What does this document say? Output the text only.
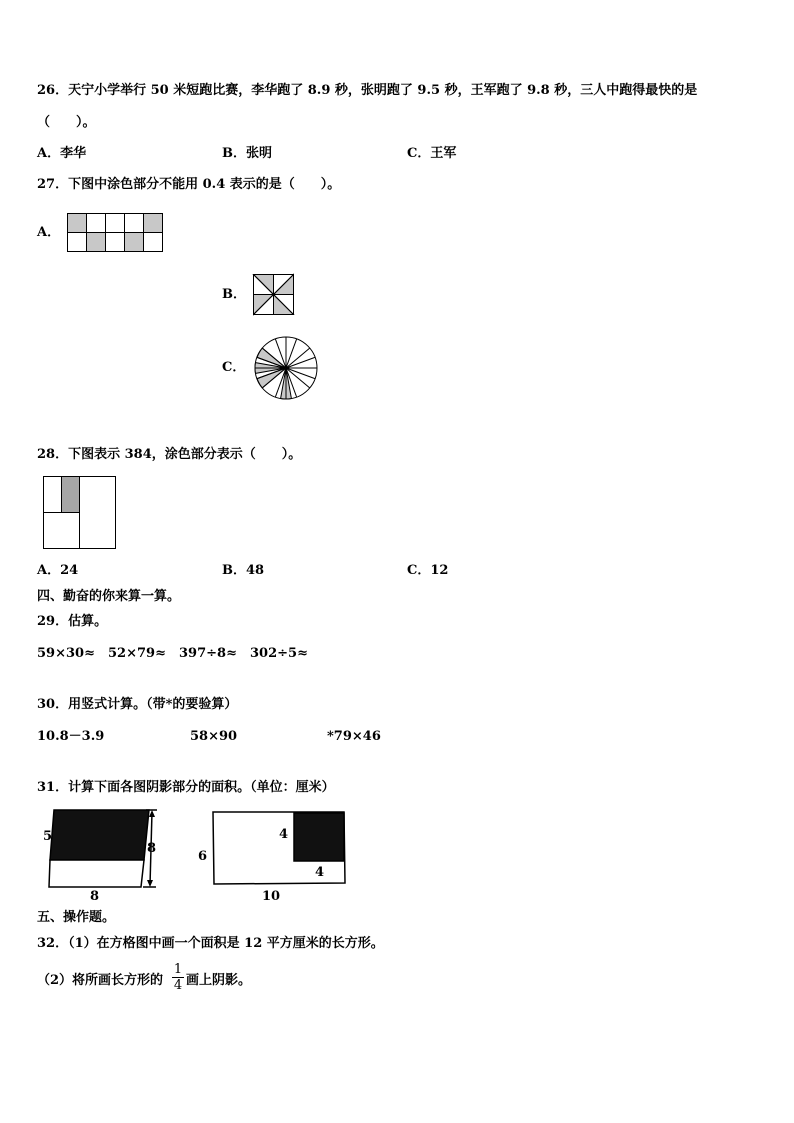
26．天宁小学举行 50 米短跑比赛，李华跑了 8.9 秒，张明跑了 9.5 秒，王军跑了 9.8 秒，三人中跑得最快的是
（　　）。
A．李华	B．张明	C．王军
27．下图中涂色部分不能用 0.4 表示的是（　　）。
A．
B．
C．
28．下图表示 384，涂色部分表示（　　）。
A．24	B．48	C．12
四、勤奋的你来算一算。
29．估算。
59×30≈ 52×79≈ 397÷8≈ 302÷5≈
30．用竖式计算。（带*的要验算）
10.8－3.9	58×90	*79×46
31．计算下面各图阴影部分的面积。（单位：厘米）
5
8
8
6
4
4
10
五、操作题。
32．（1）在方格图中画一个面积是 12 平方厘米的长方形。
（2）将所画长方形的
1
4 画上阴影。
